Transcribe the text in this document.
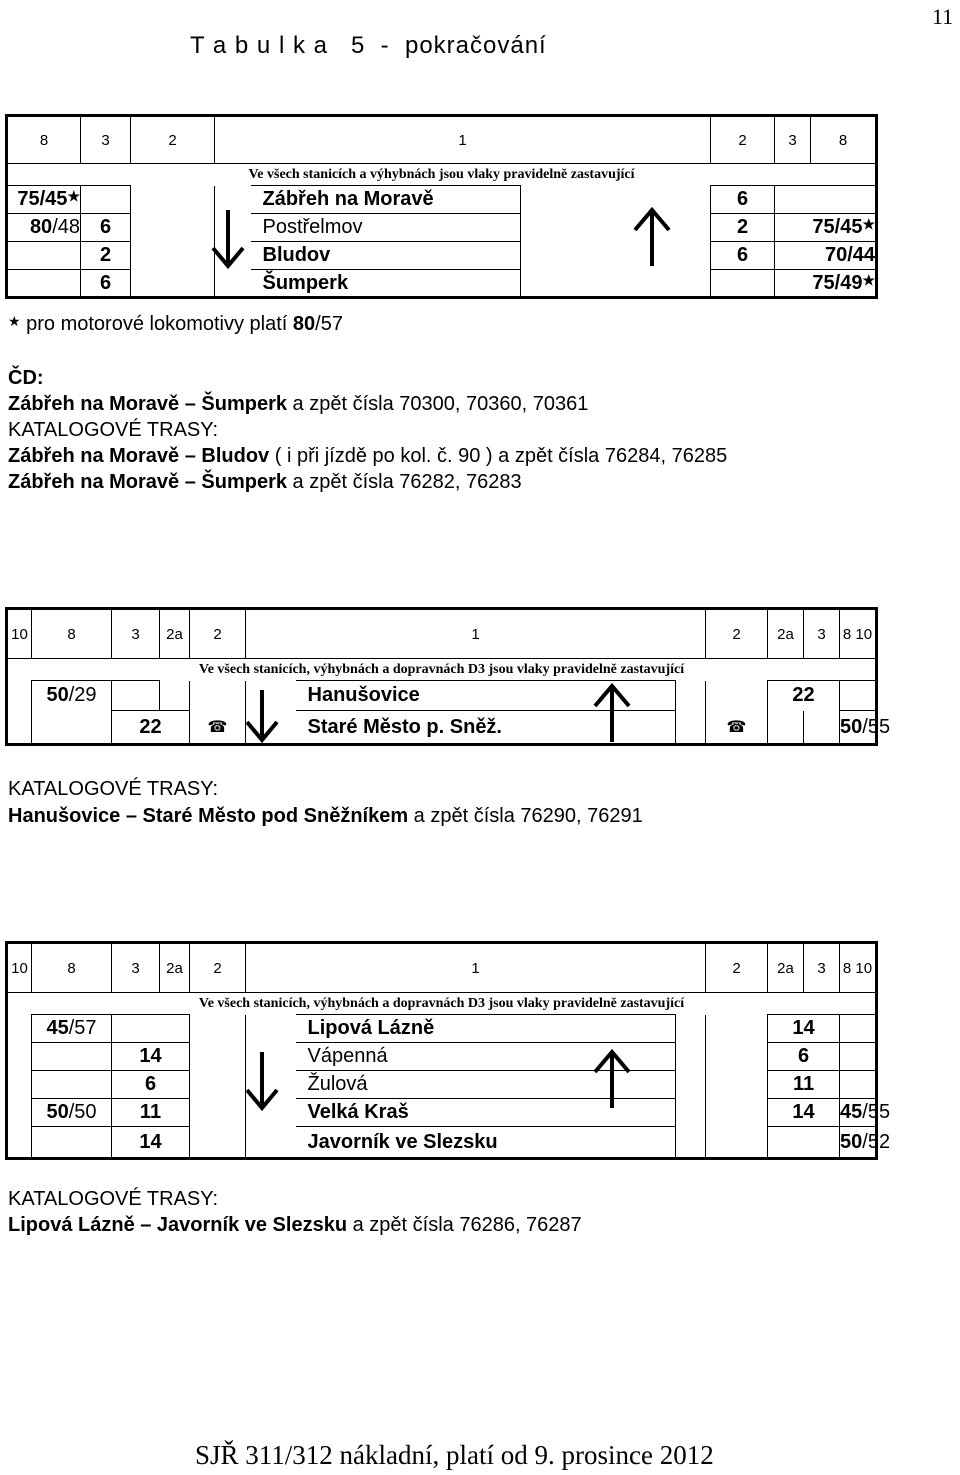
11
T a b u l k a   5  -  pokračování
8	3	2	1				2	3	8
Ve všech stanicích a výhybnách jsou vlaky pravidelně zastavující									
75/45★				Zábřeh na Moravě			6		
80/48	6			Postřelmov			2	75/45★
	2			Bludov			6	70/44	
	6			Šumperk				75/49★
★ pro motorové lokomotivy platí 80/57
ČD:
Zábřeh na Moravě – Šumperk a zpět čísla 70300, 70360, 70361
KATALOGOVÉ TRASY:
Zábřeh na Moravě – Bludov ( i při jízdě po kol. č. 90 ) a zpět čísla 76284, 76285
Zábřeh na Moravě – Šumperk a zpět čísla 76282, 76283
10	8	3	2a	2	1			2	2a	3	8 10
Ve všech stanicích, výhybnách a dopravnách D3 jsou vlaky pravidelně zastavující											
	50/29					Hanušovice			22		
		22		☎		Staré Město p. Sněž.		☎			50/55
KATALOGOVÉ TRASY:
Hanušovice – Staré Město pod Sněžníkem a zpět čísla 76290, 76291
10	8	3	2a	2	1			2	2a	3	8 10
Ve všech stanicích, výhybnách a dopravnách D3 jsou vlaky pravidelně zastavující											
	45/57					Lipová Lázně			14		
		14				Vápenná			6		
		6				Žulová			11		
	50/50	11				Velká Kraš			14		45/55
		14				Javorník ve Slezsku					50/52
KATALOGOVÉ TRASY:
Lipová Lázně – Javorník ve Slezsku a zpět čísla 76286, 76287
SJŘ 311/312 nákladní, platí od 9. prosince 2012
